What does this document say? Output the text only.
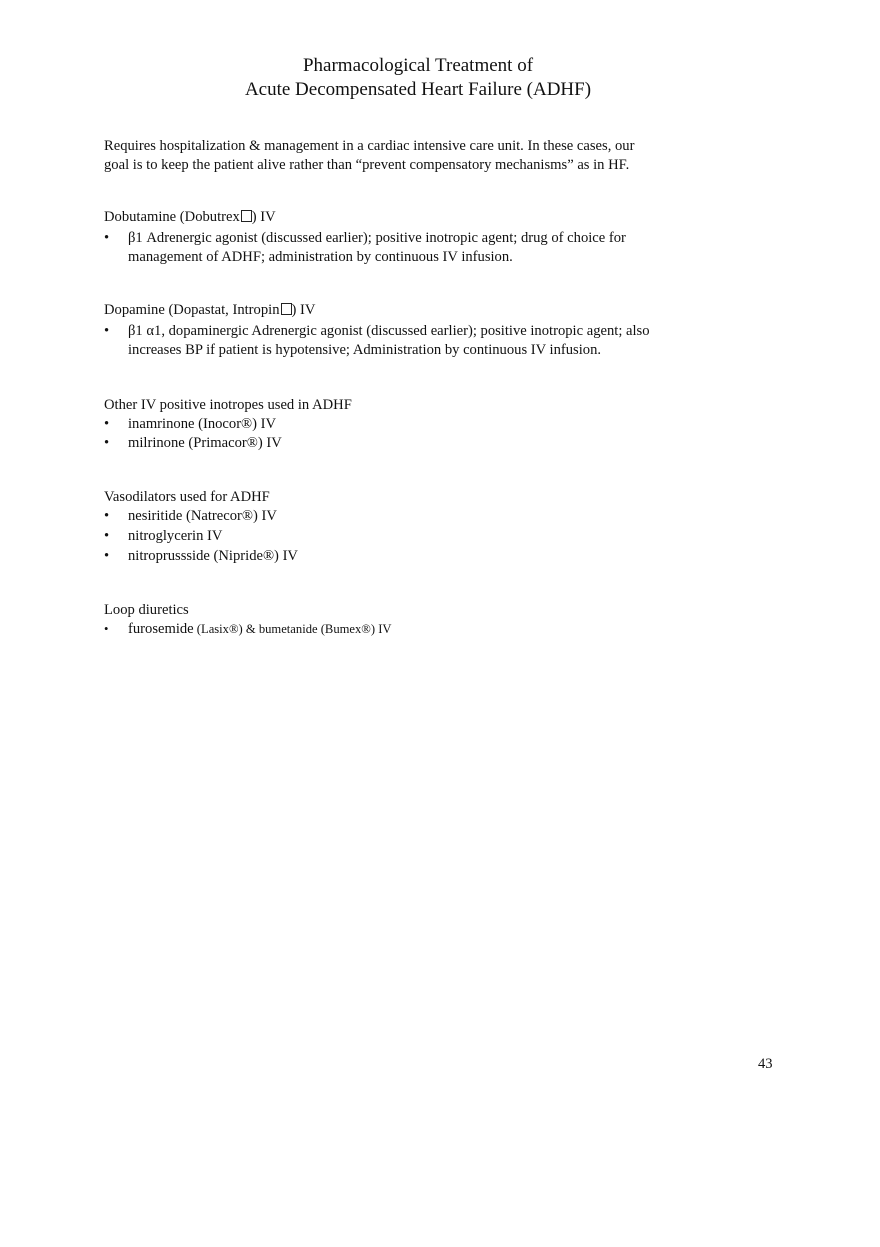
Pharmacological Treatment of
Acute Decompensated Heart Failure (ADHF)
Requires hospitalization & management in a cardiac intensive care unit. In these cases, our
goal is to keep the patient alive rather than “prevent compensatory mechanisms” as in HF.
Dobutamine (Dobutrex ) IV
• β1 Adrenergic agonist (discussed earlier); positive inotropic agent; drug of choice for
management of ADHF; administration by continuous IV infusion.
Dopamine (Dopastat, Intropin ) IV
• β1 α1, dopaminergic Adrenergic agonist (discussed earlier); positive inotropic agent; also
increases BP if patient is hypotensive; Administration by continuous IV infusion.
Other IV positive inotropes used in ADHF
• inamrinone (Inocor®) IV
• milrinone (Primacor®) IV
Vasodilators used for ADHF
• nesiritide (Natrecor®) IV
• nitroglycerin IV
• nitroprussside (Nipride®) IV
Loop diuretics
• furosemide (Lasix®) & bumetanide (Bumex®) IV
43
